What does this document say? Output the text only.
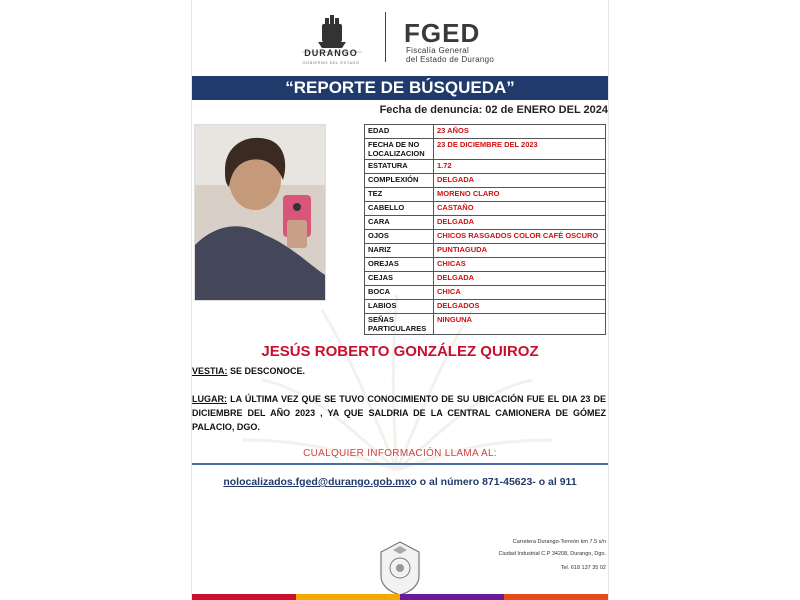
DURANGO
GOBIERNO DEL ESTADO
FGED
Fiscalía General
del Estado de Durango
“REPORTE DE BÚSQUEDA”
Fecha de denuncia: 02 de ENERO DEL 2024
EDAD	23 AÑOS
FECHA DE NO LOCALIZACION	23 DE DICIEMBRE DEL 2023
ESTATURA	1.72
COMPLEXIÓN	DELGADA
TEZ	MORENO CLARO
CABELLO	CASTAÑO
CARA	DELGADA
OJOS	CHICOS RASGADOS COLOR CAFÉ OSCURO
NARIZ	PUNTIAGUDA
OREJAS	CHICAS
CEJAS	DELGADA
BOCA	CHICA
LABIOS	DELGADOS
SEÑAS PARTICULARES	NINGUNA
JESÚS ROBERTO GONZÁLEZ QUIROZ
VESTIA: SE DESCONOCE.
LUGAR: LA ÚLTIMA VEZ QUE SE TUVO CONOCIMIENTO DE SU UBICACIÓN FUE EL DIA 23 DE DICIEMBRE DEL AÑO 2023 , YA QUE SALDRIA DE LA CENTRAL CAMIONERA DE GÓMEZ PALACIO, DGO.
CUALQUIER INFORMACIÓN LLAMA AL:
nolocalizados.fged@durango.gob.mxo o al número 871-45623- o al 911
Carretera Durango-Torreón km 7.5 s/n
Ciudad Industrial C.P 34208, Durango, Dgo.
Tel. 618 137 35 02
